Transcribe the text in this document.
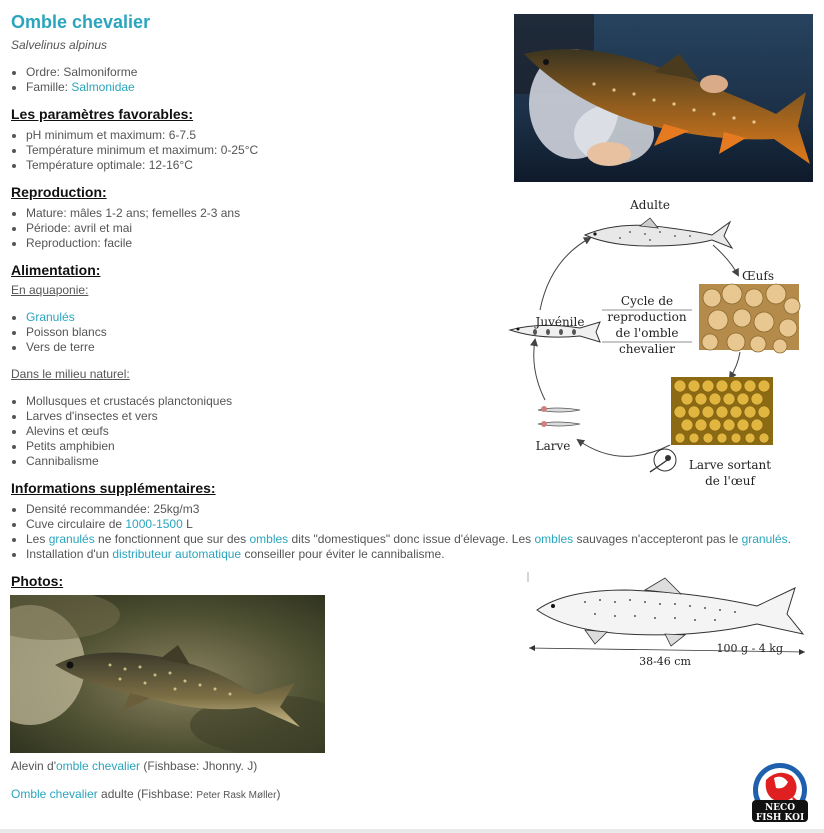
Omble chevalier
Salvelinus alpinus
• Ordre: Salmoniforme
• Famille: Salmonidae
Les paramètres favorables:
• pH minimum et maximum: 6-7.5
• Température minimum et maximum: 0-25°C
• Température optimale: 12-16°C
Reproduction:
• Mature: mâles 1-2 ans; femelles 2-3 ans
• Période: avril et mai
• Reproduction: facile
Alimentation:
En aquaponie:
• Granulés
• Poisson blancs
• Vers de terre
Dans le milieu naturel:
• Mollusques et crustacés planctoniques
• Larves d'insectes et vers
• Alevins et œufs
• Petits amphibien
• Cannibalisme
Informations supplémentaires:
• Densité recommandée: 25kg/m3
• Cuve circulaire de 1000-1500 L
• Les granulés ne fonctionnent que sur des ombles dits "domestiques" donc issue d'élevage. Les ombles sauvages n'accepteront pas le granulés.
• Installation d'un distributeur automatique conseiller pour éviter le cannibalisme.
Photos:
Alevin d'omble chevalier (Fishbase: Jhonny. J)
Omble chevalier adulte (Fishbase: Peter Rask Møller)
Adulte
Œufs
Juvénile
Larve
Larve sortant
de l'œuf
Cycle de
reproduction
de l'omble
chevalier
100 g - 4 kg
38-46 cm
NECO
FISH KOI
